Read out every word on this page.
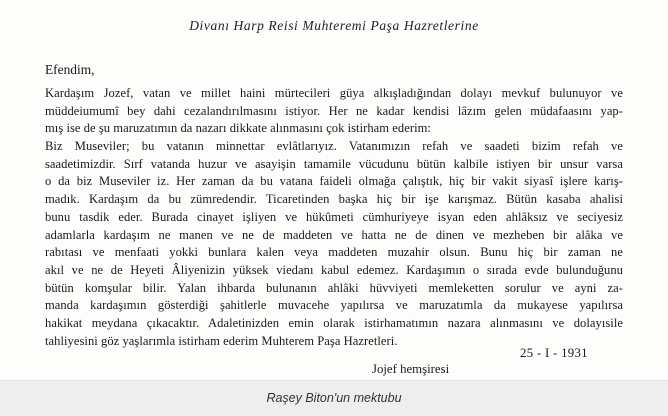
Divanı Harp Reisi Muhteremi Paşa Hazretlerine
Efendim,
Kardaşım Jozef, vatan ve millet haini mürtecileri güya alkışladığından dolayı mevkuf bulunuyor ve
müddeiumumî bey dahi cezalandırılmasını istiyor. Her ne kadar kendisi lâzım gelen müdafaasını yap-
mış ise de şu maruzatımın da nazarı dikkate alınmasını çok istirham ederim:
Biz Museviler; bu vatanın minnettar evlâtlarıyız. Vatanımızın refah ve saadeti bizim refah ve
saadetimizdir. Sırf vatanda huzur ve asayişin tamamile vücudunu bütün kalbile istiyen bir unsur varsa
o da biz Museviler iz. Her zaman da bu vatana faideli olmağa çalıştık, hiç bir vakit siyasî işlere karış-
madık. Kardaşım da bu zümredendir. Ticaretinden başka hiç bir işe karışmaz. Bütün kasaba ahalisi
bunu tasdik eder. Burada cinayet işliyen ve hükûmeti cümhuriyeye isyan eden ahlâksız ve seciyesiz
adamlarla kardaşım ne manen ve ne de maddeten ve hatta ne de dinen ve mezheben bir alâka ve
rabıtası ve menfaati yokki bunlara kalen veya maddeten muzahir olsun. Bunu hiç bir zaman ne
akıl ve ne de Heyeti Âliyenizin yüksek viedanı kabul edemez. Kardaşımın o sırada evde bulunduğunu
bütün komşular bilir. Yalan ihbarda bulunanın ahlâki hüvviyeti memleketten sorulur ve ayni za-
manda kardaşımın gösterdiği şahitlerle muvacehe yapılırsa ve maruzatımla da mukayese yapılırsa
hakikat meydana çıkacaktır. Adaletinizden emin olarak istirhamatımın nazara alınmasını ve dolayısile
tahliyesini göz yaşlarımla istirham ederim Muhterem Paşa Hazretleri.
25 - I - 1931
Jojef hemşiresi
Raşey Biton'un mektubu
